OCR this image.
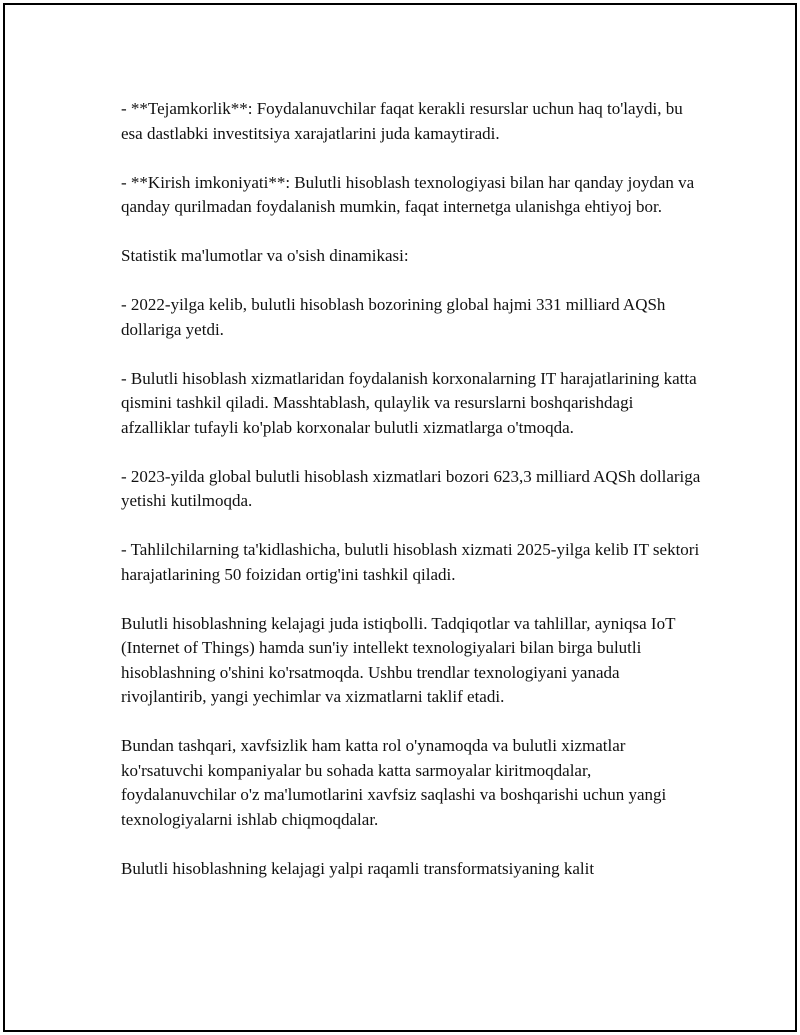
- **Tejamkorlik**: Foydalanuvchilar faqat kerakli resurslar uchun haq to'laydi, bu esa dastlabki investitsiya xarajatlarini juda kamaytiradi.

- **Kirish imkoniyati**: Bulutli hisoblash texnologiyasi bilan har qanday joydan va qanday qurilmadan foydalanish mumkin, faqat internetga ulanishga ehtiyoj bor.

Statistik ma'lumotlar va o'sish dinamikasi:

- 2022-yilga kelib, bulutli hisoblash bozorining global hajmi 331 milliard AQSh dollariga yetdi.

- Bulutli hisoblash xizmatlaridan foydalanish korxonalarning IT harajatlarining katta qismini tashkil qiladi. Masshtablash, qulaylik va resurslarni boshqarishdagi afzalliklar tufayli ko'plab korxonalar bulutli xizmatlarga o'tmoqda.

- 2023-yilda global bulutli hisoblash xizmatlari bozori 623,3 milliard AQSh dollariga yetishi kutilmoqda.

- Tahlilchilarning ta'kidlashicha, bulutli hisoblash xizmati 2025-yilga kelib IT sektori harajatlarining 50 foizidan ortig'ini tashkil qiladi.

Bulutli hisoblashning kelajagi juda istiqbolli. Tadqiqotlar va tahlillar, ayniqsa IoT (Internet of Things) hamda sun'iy intellekt texnologiyalari bilan birga bulutli hisoblashning o'shini ko'rsatmoqda. Ushbu trendlar texnologiyani yanada rivojlantirib, yangi yechimlar va xizmatlarni taklif etadi.

Bundan tashqari, xavfsizlik ham katta rol o'ynamoqda va bulutli xizmatlar ko'rsatuvchi kompaniyalar bu sohada katta sarmoyalar kiritmoqdalar, foydalanuvchilar o'z ma'lumotlarini xavfsiz saqlashi va boshqarishi uchun yangi texnologiyalarni ishlab chiqmoqdalar.

Bulutli hisoblashning kelajagi yalpi raqamli transformatsiyaning kalit
